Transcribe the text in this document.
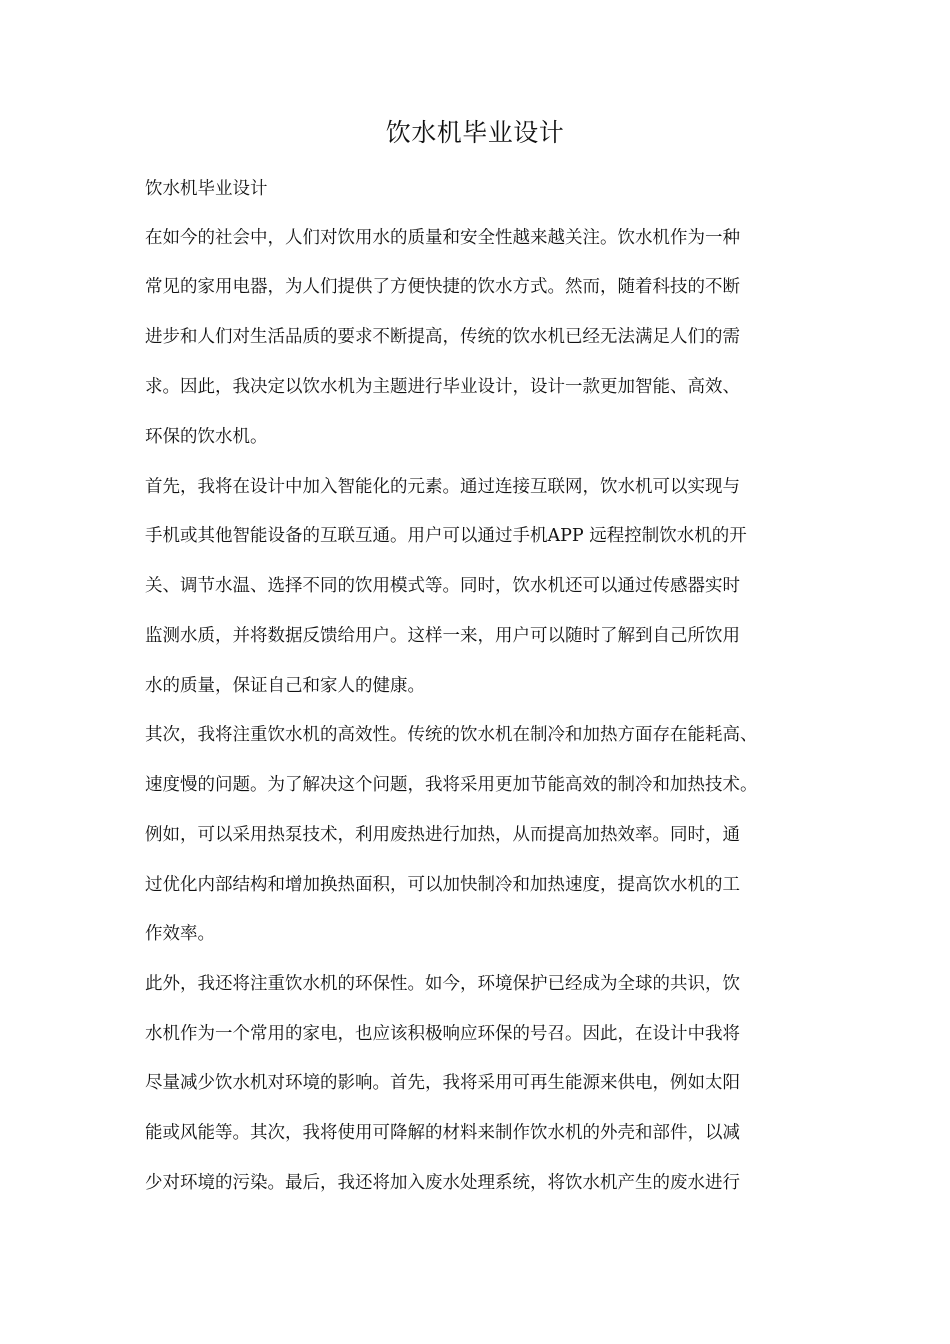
饮水机毕业设计
饮水机毕业设计
在如今的社会中，人们对饮用水的质量和安全性越来越关注。饮水机作为一种
常见的家用电器，为人们提供了方便快捷的饮水方式。然而，随着科技的不断
进步和人们对生活品质的要求不断提高，传统的饮水机已经无法满足人们的需
求。因此，我决定以饮水机为主题进行毕业设计，设计一款更加智能、高效、
环保的饮水机。
首先，我将在设计中加入智能化的元素。通过连接互联网，饮水机可以实现与
手机或其他智能设备的互联互通。用户可以通过手机APP 远程控制饮水机的开
关、调节水温、选择不同的饮用模式等。同时，饮水机还可以通过传感器实时
监测水质，并将数据反馈给用户。这样一来，用户可以随时了解到自己所饮用
水的质量，保证自己和家人的健康。
其次，我将注重饮水机的高效性。传统的饮水机在制冷和加热方面存在能耗高、
速度慢的问题。为了解决这个问题，我将采用更加节能高效的制冷和加热技术。
例如，可以采用热泵技术，利用废热进行加热，从而提高加热效率。同时，通
过优化内部结构和增加换热面积，可以加快制冷和加热速度，提高饮水机的工
作效率。
此外，我还将注重饮水机的环保性。如今，环境保护已经成为全球的共识，饮
水机作为一个常用的家电，也应该积极响应环保的号召。因此，在设计中我将
尽量减少饮水机对环境的影响。首先，我将采用可再生能源来供电，例如太阳
能或风能等。其次，我将使用可降解的材料来制作饮水机的外壳和部件，以减
少对环境的污染。最后，我还将加入废水处理系统，将饮水机产生的废水进行
